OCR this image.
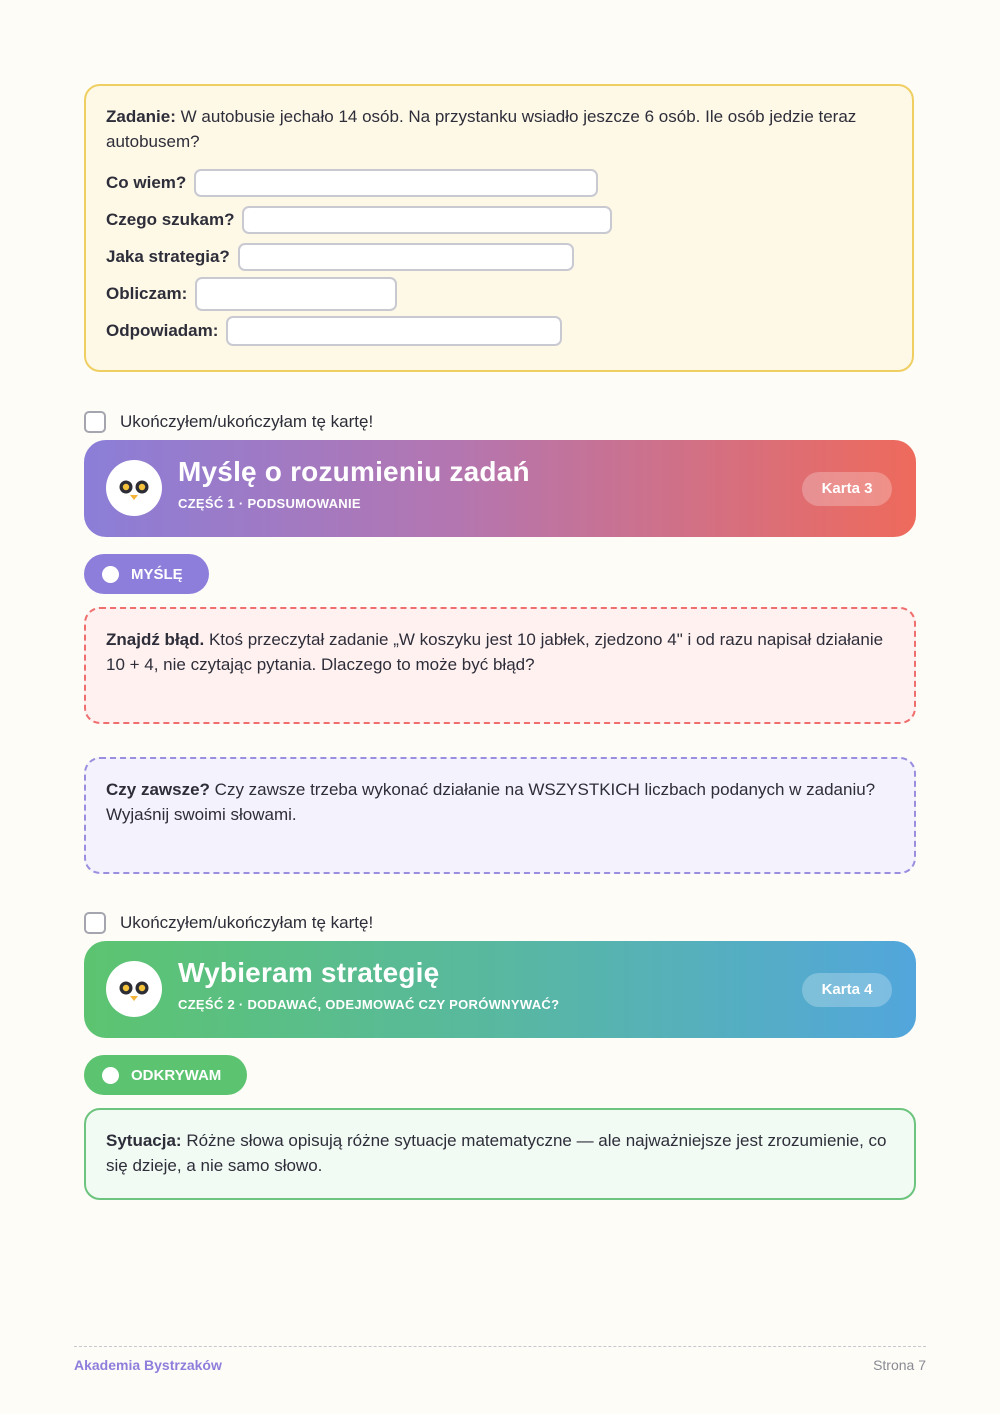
Zadanie: W autobusie jechało 14 osób. Na przystanku wsiadło jeszcze 6 osób. Ile osób jedzie teraz autobusem?

Co wiem?
Czego szukam?
Jaka strategia?
Obliczam:
Odpowiadam:
Ukończyłem/ukończyłam tę kartę!
Myślę o rozumieniu zadań
CZĘŚĆ 1 · PODSUMOWANIE
Karta 3
MYŚLĘ
Znajdź błąd. Ktoś przeczytał zadanie „W koszyku jest 10 jabłek, zjedzono 4" i od razu napisał działanie 10 + 4, nie czytając pytania. Dlaczego to może być błąd?
Czy zawsze? Czy zawsze trzeba wykonać działanie na WSZYSTKICH liczbach podanych w zadaniu? Wyjaśnij swoimi słowami.
Ukończyłem/ukończyłam tę kartę!
Wybieram strategię
CZĘŚĆ 2 · DODAWAĆ, ODEJMOWAĆ CZY PORÓWNYWAĆ?
Karta 4
ODKRYWAM
Sytuacja: Różne słowa opisują różne sytuacje matematyczne — ale najważniejsze jest zrozumienie, co się dzieje, a nie samo słowo.
Akademia Bystrzaków	Strona 7
